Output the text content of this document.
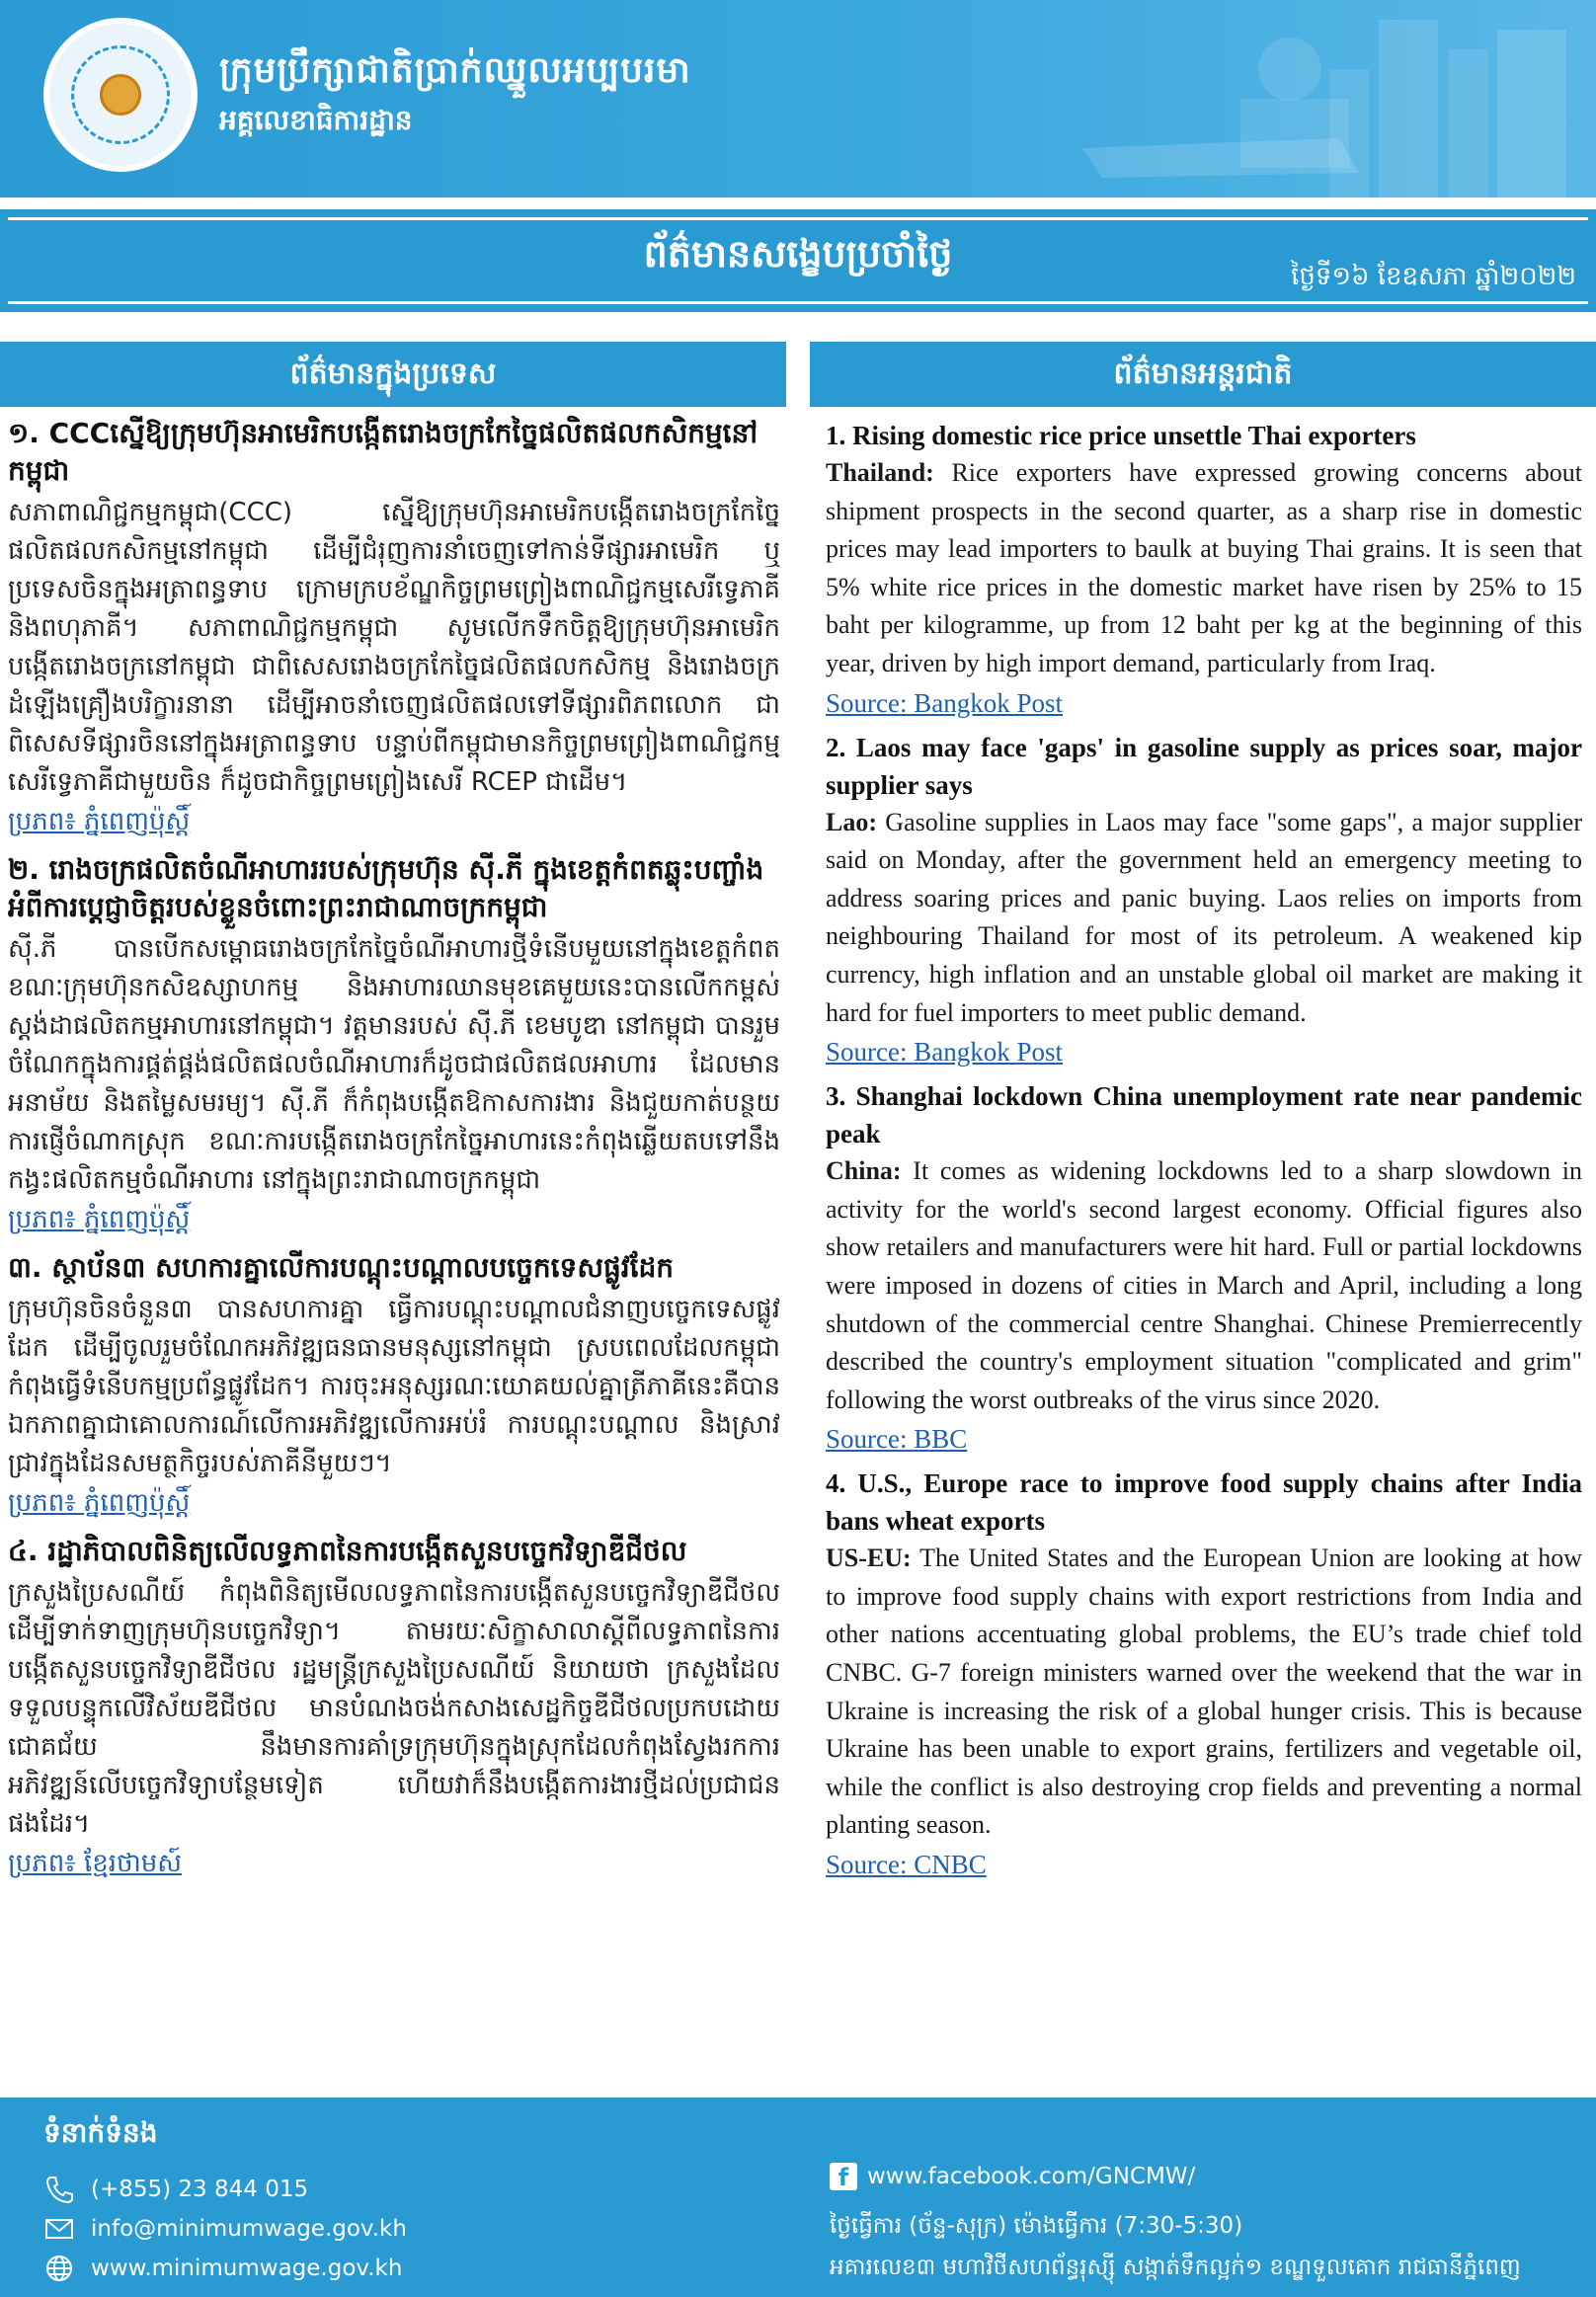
ក្រុមប្រឹក្សាជាតិប្រាក់ឈ្នួលអប្បបរមា
អគ្គលេខាធិការដ្ឋាន
ព័ត៌មានសង្ខេបប្រចាំថ្ងៃ
ថ្ងៃទី១៦ ខែឧសភា ឆ្នាំ២០២២
ព័ត៌មានក្នុងប្រទេស	ព័ត៌មានអន្តរជាតិ

១. CCCស្នើឱ្យក្រុមហ៊ុនអាមេរិកបង្កើតរោងចក្រកែច្នៃផលិតផលកសិកម្មនៅកម្ពុជា

សភាពាណិជ្ជកម្មកម្ពុជា(CCC) ស្នើឱ្យក្រុមហ៊ុនអាមេរិកបង្កើតរោងចក្រកែច្នៃផលិតផលកសិកម្មនៅកម្ពុជា ដើម្បីជំរុញការនាំចេញទៅកាន់ទីផ្សារអាមេរិក ឬប្រទេសចិនក្នុងអត្រាពន្ធទាប ក្រោមក្របខ័ណ្ឌកិច្ចព្រមព្រៀងពាណិជ្ជកម្មសេរីទ្វេភាគី និងពហុភាគី។ សភាពាណិជ្ជកម្មកម្ពុជា សូមលើកទឹកចិត្តឱ្យក្រុមហ៊ុនអាមេរិកបង្កើតរោងចក្រនៅកម្ពុជា ជាពិសេសរោងចក្រកែច្នៃផលិតផលកសិកម្ម និងរោងចក្រដំឡើងគ្រឿងបរិក្ខារនានា ដើម្បីអាចនាំចេញផលិតផលទៅទីផ្សារពិភពលោក ជាពិសេសទីផ្សារចិននៅក្នុងអត្រាពន្ធទាប បន្ទាប់ពីកម្ពុជាមានកិច្ចព្រមព្រៀងពាណិជ្ជកម្មសេរីទ្វេភាគីជាមួយចិន ក៏ដូចជាកិច្ចព្រមព្រៀងសេរី RCEP ជាដើម។

ប្រភព៖ ភ្នំពេញប៉ុស្តិ៍

២. រោងចក្រផលិតចំណីអាហាររបស់ក្រុមហ៊ុន ស៊ី.ភី ក្នុងខេត្តកំពតឆ្លុះបញ្ចាំងអំពីការប្តេជ្ញាចិត្តរបស់ខ្លួនចំពោះព្រះរាជាណាចក្រកម្ពុជា

ស៊ី.ភី បានបើកសម្ពោធរោងចក្រកែច្នៃចំណីអាហារថ្មីទំនើបមួយនៅក្នុងខេត្តកំពត ខណៈក្រុមហ៊ុនកសិឧស្សាហកម្ម និងអាហារឈានមុខគេមួយនេះបានលើកកម្ពស់ស្តង់ដាផលិតកម្មអាហារនៅកម្ពុជា។ វត្តមានរបស់ ស៊ី.ភី ខេមបូឌា នៅកម្ពុជា បានរួមចំណែកក្នុងការផ្គត់ផ្គង់ផលិតផលចំណីអាហារក៏ដូចជាផលិតផលអាហារ ដែលមានអនាម័យ និងតម្លៃសមរម្យ។ ស៊ី.ភី ក៏កំពុងបង្កើតឱកាសការងារ និងជួយកាត់បន្ថយការផ្ញើចំណាកស្រុក ខណៈការបង្កើតរោងចក្រកែច្នៃអាហារនេះកំពុងឆ្លើយតបទៅនឹងកង្វះផលិតកម្មចំណីអាហារ នៅក្នុងព្រះរាជាណាចក្រកម្ពុជា

ប្រភព៖ ភ្នំពេញប៉ុស្តិ៍

៣. ស្ថាប័ន៣ សហការគ្នាលើការបណ្តុះបណ្តាលបច្ចេកទេសផ្លូវដែក

ក្រុមហ៊ុនចិនចំនួន៣ បានសហការគ្នា ធ្វើការបណ្តុះបណ្តាលជំនាញបច្ចេកទេសផ្លូវដែក ដើម្បីចូលរួមចំណែកអភិវឌ្ឍធនធានមនុស្សនៅកម្ពុជា ស្របពេលដែលកម្ពុជាកំពុងធ្វើទំនើបកម្មប្រព័ន្ធផ្លូវដែក។ ការចុះអនុស្សរណៈយោគយល់គ្នាត្រីភាគីនេះគឺបានឯកភាពគ្នាជាគោលការណ៍លើការអភិវឌ្ឍលើការអប់រំ ការបណ្តុះបណ្តាល និងស្រាវជ្រាវក្នុងដែនសមត្ថកិច្ចរបស់ភាគីនីមួយៗ។

ប្រភព៖ ភ្នំពេញប៉ុស្តិ៍

៤. រដ្ឋាភិបាលពិនិត្យលើលទ្ធភាពនៃការបង្កើតសួនបច្ចេកវិទ្យាឌីជីថល

ក្រសួងប្រៃសណីយ៍ កំពុងពិនិត្យមើលលទ្ធភាពនៃការបង្កើតសួនបច្ចេកវិទ្យាឌីជីថល ដើម្បីទាក់ទាញក្រុមហ៊ុនបច្ចេកវិទ្យា។ តាមរយៈសិក្ខាសាលាស្តីពីលទ្ធភាពនៃការបង្កើតសួនបច្ចេកវិទ្យាឌីជីថល រដ្ឋមន្ត្រីក្រសួងប្រៃសណីយ៍ និយាយថា ក្រសួងដែលទទួលបន្ទុកលើវិស័យឌីជីថល មានបំណងចង់កសាងសេដ្ឋកិច្ចឌីជីថលប្រកបដោយជោគជ័យ នឹងមានការគាំទ្រក្រុមហ៊ុនក្នុងស្រុកដែលកំពុងស្វែងរកការអភិវឌ្ឍន៍លើបច្ចេកវិទ្យាបន្ថែមទៀត ហើយវាក៏នឹងបង្កើតការងារថ្មីដល់ប្រជាជនផងដែរ។

ប្រភព៖ ខ្មែរថាមស៍

1. Rising domestic rice price unsettle Thai exporters

Thailand: Rice exporters have expressed growing concerns about shipment prospects in the second quarter, as a sharp rise in domestic prices may lead importers to baulk at buying Thai grains. It is seen that 5% white rice prices in the domestic market have risen by 25% to 15 baht per kilogramme, up from 12 baht per kg at the beginning of this year, driven by high import demand, particularly from Iraq.

Source: Bangkok Post

2. Laos may face 'gaps' in gasoline supply as prices soar, major supplier says

Lao: Gasoline supplies in Laos may face "some gaps", a major supplier said on Monday, after the government held an emergency meeting to address soaring prices and panic buying. Laos relies on imports from neighbouring Thailand for most of its petroleum. A weakened kip currency, high inflation and an unstable global oil market are making it hard for fuel importers to meet public demand.

Source: Bangkok Post

3. Shanghai lockdown China unemployment rate near pandemic peak

China: It comes as widening lockdowns led to a sharp slowdown in activity for the world's second largest economy. Official figures also show retailers and manufacturers were hit hard. Full or partial lockdowns were imposed in dozens of cities in March and April, including a long shutdown of the commercial centre Shanghai. Chinese Premierrecently described the country's employment situation "complicated and grim" following the worst outbreaks of the virus since 2020.

Source: BBC

4. U.S., Europe race to improve food supply chains after India bans wheat exports

US-EU: The United States and the European Union are looking at how to improve food supply chains with export restrictions from India and other nations accentuating global problems, the EU’s trade chief told CNBC. G-7 foreign ministers warned over the weekend that the war in Ukraine is increasing the risk of a global hunger crisis. This is because Ukraine has been unable to export grains, fertilizers and vegetable oil, while the conflict is also destroying crop fields and preventing a normal planting season.

Source: CNBC
ទំនាក់ទំនង
(+855) 23 844 015
info@minimumwage.gov.kh
www.minimumwage.gov.kh
f www.facebook.com/GNCMW/
ថ្ងៃធ្វើការ (ច័ន្ទ-សុក្រ) ម៉ោងធ្វើការ (7:30-5:30)
អគារលេខ៣ មហាវិថីសហព័ន្ធរុស្ស៊ី សង្កាត់ទឹកល្អក់១ ខណ្ឌទួលគោក រាជធានីភ្នំពេញ
